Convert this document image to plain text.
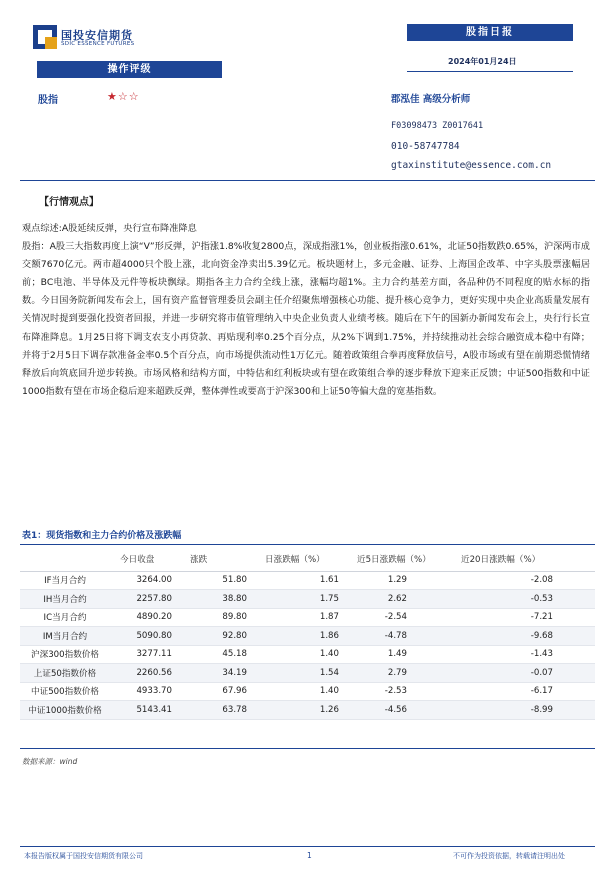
国投安信期货
SDIC ESSENCE FUTURES
股指日报
2024年01月24日
操作评级
股指	★☆☆	郡泓佳 高级分析师
F03098473 Z0017641
010-58747784
gtaxinstitute@essence.com.cn
【行情观点】

观点综述:A股延续反弹，央行宣布降准降息

股指：A股三大指数再度上演“V”形反弹，沪指涨1.8%收复2800点，深成指涨1%，创业板指涨0.61%，北证50指数跌0.65%，沪深两市成交额7670亿元。两市超4000只个股上涨，北向资金净卖出5.39亿元。板块题材上，多元金融、证券、上海国企改革、中字头股票涨幅居前；BC电池、半导体及元件等板块飘绿。期指各主力合约全线上涨，涨幅均超1%。主力合约基差方面，各品种仍不同程度的贴水标的指数。今日国务院新闻发布会上，国有资产监督管理委员会副主任介绍聚焦增强核心功能、提升核心竞争力，更好实现中央企业高质量发展有关情况时提到要强化投资者回报，并进一步研究将市值管理纳入中央企业负责人业绩考核。随后在下午的国新办新闻发布会上，央行行长宣布降准降息。1月25日将下调支农支小再贷款、再贴现利率0.25个百分点，从2%下调到1.75%，并持续推动社会综合融资成本稳中有降；并将于2月5日下调存款准备金率0.5个百分点，向市场提供流动性1万亿元。随着政策组合拳再度释放信号，A股市场或有望在前期恐慌情绪释放后向筑底回升逆步转换。市场风格和结构方面，中特估和红利板块或有望在政策组合拳的逐步释放下迎来正反馈；中证500指数和中证1000指数有望在市场企稳后迎来超跌反弹，整体弹性或要高于沪深300和上证50等偏大盘的宽基指数。

表1：现货指数和主力合约价格及涨跌幅
	今日收盘	涨跌	日涨跌幅（%）	近5日涨跌幅（%）	近20日涨跌幅（%）
IF当月合约	3264.00	51.80	1.61	1.29	-2.08
IH当月合约	2257.80	38.80	1.75	2.62	-0.53
IC当月合约	4890.20	89.80	1.87	-2.54	-7.21
IM当月合约	5090.80	92.80	1.86	-4.78	-9.68
沪深300指数价格	3277.11	45.18	1.40	1.49	-1.43
上证50指数价格	2260.56	34.19	1.54	2.79	-0.07
中证500指数价格	4933.70	67.96	1.40	-2.53	-6.17
中证1000指数价格	5143.41	63.78	1.26	-4.56	-8.99
数据来源：wind
本报告版权属于国投安信期货有限公司	1	不可作为投资依据，转载请注明出处
